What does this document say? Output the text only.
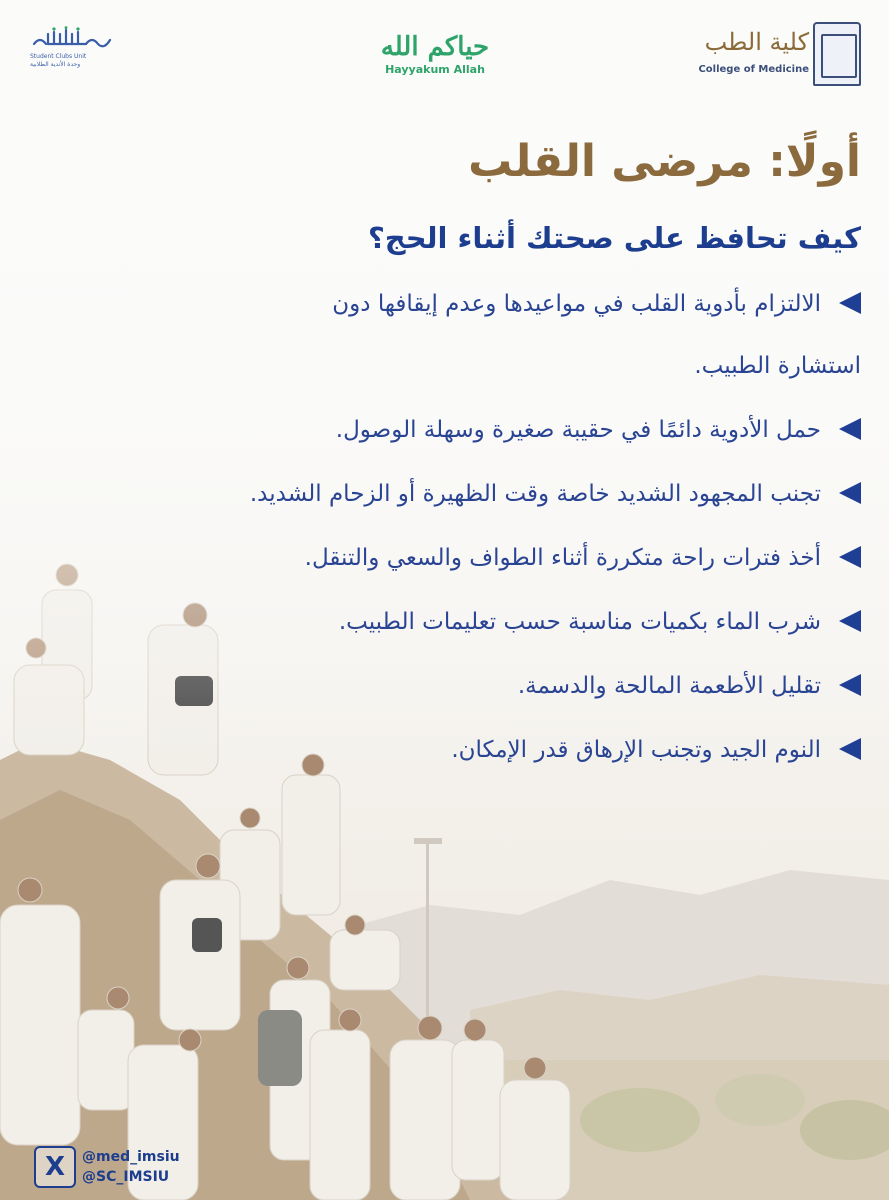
كلية الطب
College of Medicine
حياكم الله
Hayyakum Allah
Student Clubs Unit
وحدة الأندية الطلابية
أولًا: مرضى القلب
كيف تحافظ على صحتك أثناء الحج؟
الالتزام بأدوية القلب في مواعيدها وعدم إيقافها دون
استشارة الطبيب.
حمل الأدوية دائمًا في حقيبة صغيرة وسهلة الوصول.
تجنب المجهود الشديد خاصة وقت الظهيرة أو الزحام الشديد.
أخذ فترات راحة متكررة أثناء الطواف والسعي والتنقل.
شرب الماء بكميات مناسبة حسب تعليمات الطبيب.
تقليل الأطعمة المالحة والدسمة.
النوم الجيد وتجنب الإرهاق قدر الإمكان.
X	@med_imsiu
@SC_IMSIU
